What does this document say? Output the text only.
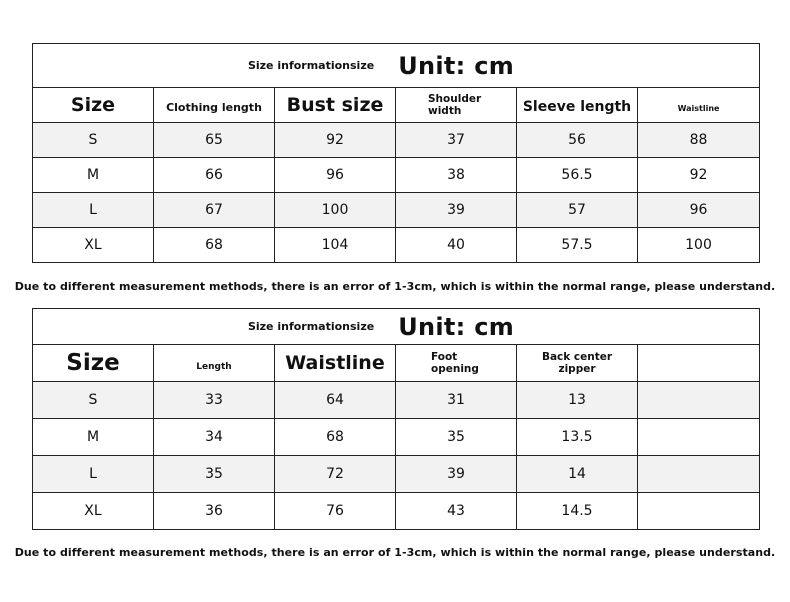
Size informationsize Unit: cm					

Size	Clothing length	Bust size	Shoulder width	Sleeve length	Waistline
S	65	92	37	56	88
M	66	96	38	56.5	92
L	67	100	39	57	96
XL	68	104	40	57.5	100
Due to different measurement methods, there is an error of 1-3cm, which is within the normal range, please understand.
Size informationsize Unit: cm					

Size	Length	Waistline	Foot opening	Back center zipper	
S	33	64	31	13	
M	34	68	35	13.5	
L	35	72	39	14	
XL	36	76	43	14.5	
Due to different measurement methods, there is an error of 1-3cm, which is within the normal range, please understand.
